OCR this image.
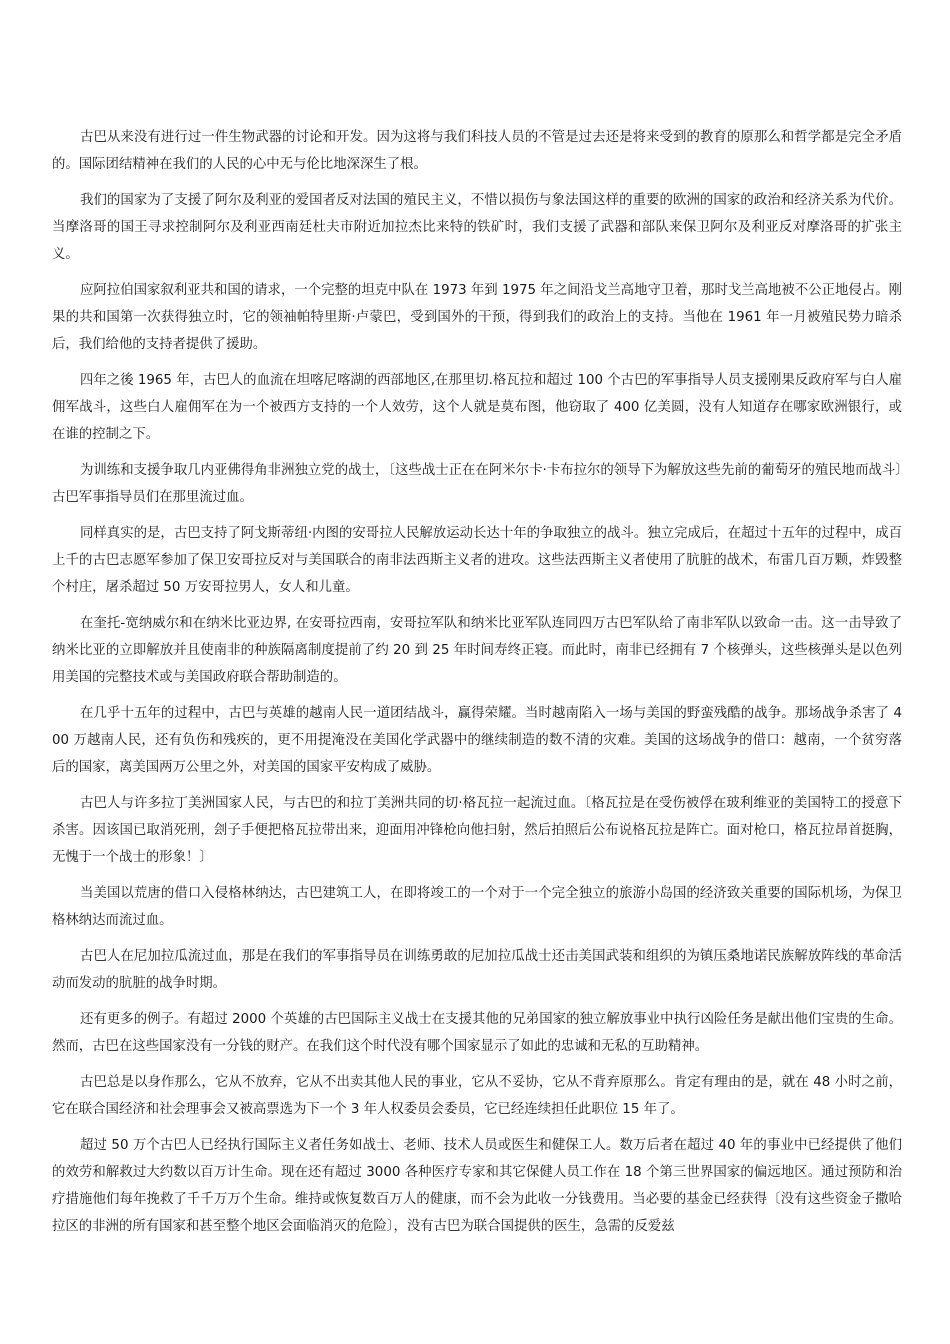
古巴从来没有进行过一件生物武器的讨论和开发。因为这将与我们科技人员的不管是过去还是将来受到的教育的原那么和哲学都是完全矛盾的。国际团结精神在我们的人民的心中无与伦比地深深生了根。

我们的国家为了支援了阿尔及利亚的爱国者反对法国的殖民主义，不惜以损伤与象法国这样的重要的欧洲的国家的政治和经济关系为代价。当摩洛哥的国王寻求控制阿尔及利亚西南廷杜夫市附近加拉杰比来特的铁矿时，我们支援了武器和部队来保卫阿尔及利亚反对摩洛哥的扩张主义。

应阿拉伯国家叙利亚共和国的请求，一个完整的坦克中队在 1973 年到 1975 年之间沿戈兰高地守卫着，那时戈兰高地被不公正地侵占。刚果的共和国第一次获得独立时，它的领袖帕特里斯·卢蒙巴，受到国外的干预，得到我们的政治上的支持。当他在 1961 年一月被殖民势力暗杀后，我们给他的支持者提供了援助。

四年之後 1965 年，古巴人的血流在坦喀尼喀湖的西部地区,在那里切.格瓦拉和超过 100 个古巴的军事指导人员支援刚果反政府军与白人雇佣军战斗，这些白人雇佣军在为一个被西方支持的一个人效劳，这个人就是莫布图，他窃取了 400 亿美圆，没有人知道存在哪家欧洲银行，或在谁的控制之下。

为训练和支援争取几内亚佛得角非洲独立党的战士，〔这些战士正在在阿米尔卡·卡布拉尔的领导下为解放这些先前的葡萄牙的殖民地而战斗〕古巴军事指导员们在那里流过血。

同样真实的是，古巴支持了阿戈斯蒂纽·内图的安哥拉人民解放运动长达十年的争取独立的战斗。独立完成后，在超过十五年的过程中，成百上千的古巴志愿军参加了保卫安哥拉反对与美国联合的南非法西斯主义者的进攻。这些法西斯主义者使用了肮脏的战术，布雷几百万颗，炸毁整个村庄，屠杀超过 50 万安哥拉男人，女人和儿童。

在奎托-宽纳威尔和在纳米比亚边界, 在安哥拉西南，安哥拉军队和纳米比亚军队连同四万古巴军队给了南非军队以致命一击。这一击导致了纳米比亚的立即解放并且使南非的种族隔离制度提前了约 20 到 25 年时间寿终正寝。而此时，南非已经拥有 7 个核弹头，这些核弹头是以色列用美国的完整技术或与美国政府联合帮助制造的。

在几乎十五年的过程中，古巴与英雄的越南人民一道团结战斗，赢得荣耀。当时越南陷入一场与美国的野蛮残酷的战争。那场战争杀害了 400 万越南人民，还有负伤和残疾的，更不用提淹没在美国化学武器中的继续制造的数不清的灾难。美国的这场战争的借口：越南，一个贫穷落后的国家，离美国两万公里之外，对美国的国家平安构成了威胁。

古巴人与许多拉丁美洲国家人民，与古巴的和拉丁美洲共同的切·格瓦拉一起流过血。〔格瓦拉是在受伤被俘在玻利维亚的美国特工的授意下杀害。因该国已取消死刑，刽子手便把格瓦拉带出来，迎面用冲锋枪向他扫射，然后拍照后公布说格瓦拉是阵亡。面对枪口，格瓦拉昂首挺胸，无愧于一个战士的形象！〕

当美国以荒唐的借口入侵格林纳达，古巴建筑工人，在即将竣工的一个对于一个完全独立的旅游小岛国的经济致关重要的国际机场，为保卫格林纳达而流过血。

古巴人在尼加拉瓜流过血，那是在我们的军事指导员在训练勇敢的尼加拉瓜战士还击美国武装和组织的为镇压桑地诺民族解放阵线的革命活动而发动的肮脏的战争时期。

还有更多的例子。有超过 2000 个英雄的古巴国际主义战士在支援其他的兄弟国家的独立解放事业中执行凶险任务是献出他们宝贵的生命。然而，古巴在这些国家没有一分钱的财产。在我们这个时代没有哪个国家显示了如此的忠诚和无私的互助精神。

古巴总是以身作那么，它从不放弃，它从不出卖其他人民的事业，它从不妥协，它从不背弃原那么。肯定有理由的是，就在 48 小时之前，它在联合国经济和社会理事会又被高票选为下一个 3 年人权委员会委员，它已经连续担任此职位 15 年了。

超过 50 万个古巴人已经执行国际主义者任务如战士、老师、技术人员或医生和健保工人。数万后者在超过 40 年的事业中已经提供了他们的效劳和解救过大约数以百万计生命。现在还有超过 3000 各种医疗专家和其它保健人员工作在 18 个第三世界国家的偏远地区。通过预防和治疗措施他们每年挽救了千千万万个生命。维持或恢复数百万人的健康，而不会为此收一分钱费用。当必要的基金已经获得〔没有这些资金子撒哈拉区的非洲的所有国家和甚至整个地区会面临消灭的危险〕，没有古巴为联合国提供的医生，急需的反爱兹
